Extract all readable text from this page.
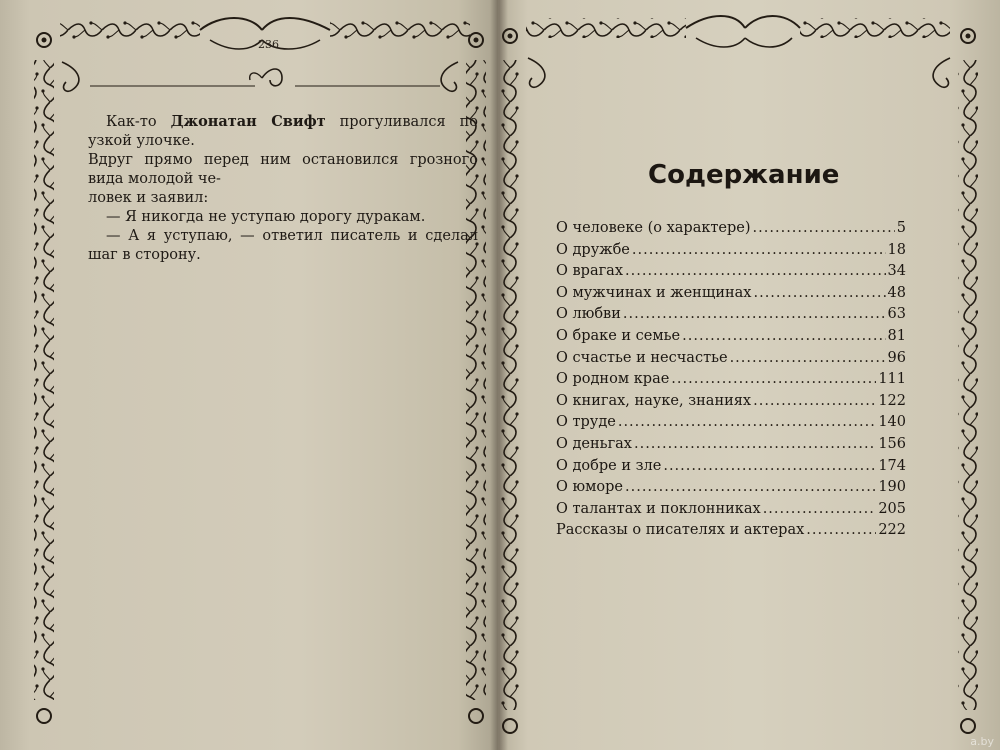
236

Как-то Джонатан Свифт прогуливался по узкой улочке.

Вдруг прямо перед ним остановился грозного вида молодой че-

ловек и заявил:

— Я никогда не уступаю дорогу дуракам.

— А я уступаю, — ответил писатель и сделал шаг в сторону.

Содержание
О человеке (о характере) .....	5
О дружбе .....	18
О врагах .....	34
О мужчинах и женщинах .....	48
О любви .....	63
О браке и семье .....	81
О счастье и несчастье .....	96
О родном крае .....	111
О книгах, науке, знаниях .....	122
О труде .....	140
О деньгах .....	156
О добре и зле .....	174
О юморе .....	190
О талантах и поклонниках .....	205
Рассказы о писателях и актерах .....	222
a.by
